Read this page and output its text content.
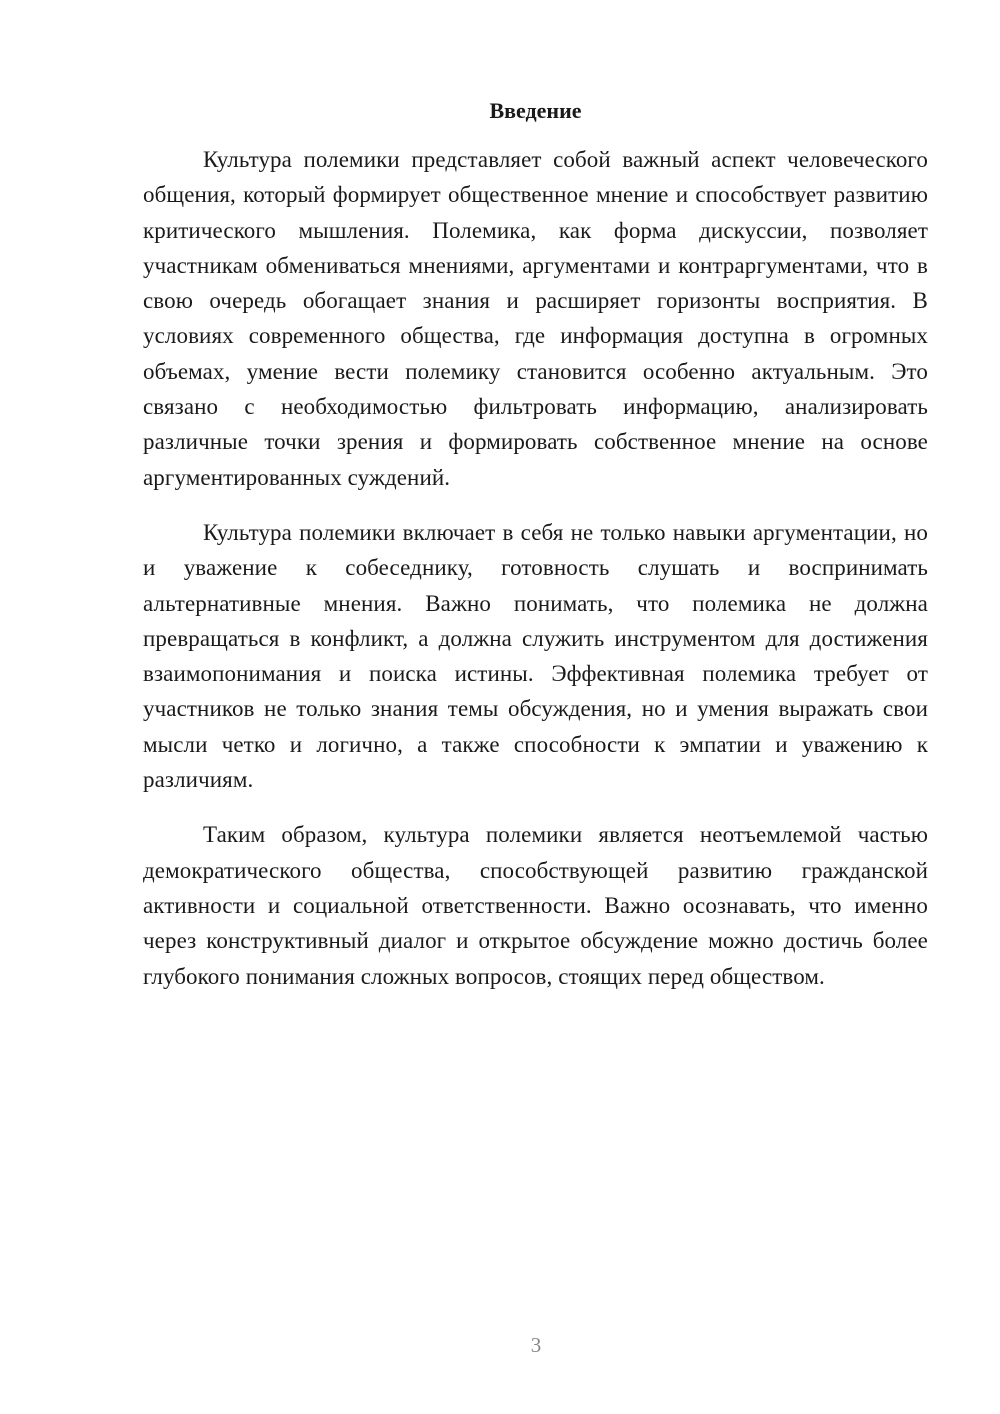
Введение

Культура полемики представляет собой важный аспект человеческого общения, который формирует общественное мнение и способствует развитию критического мышления. Полемика, как форма дискуссии, позволяет участникам обмениваться мнениями, аргументами и контраргументами, что в свою очередь обогащает знания и расширяет горизонты восприятия. В условиях современного общества, где информация доступна в огромных объемах, умение вести полемику становится особенно актуальным. Это связано с необходимостью фильтровать информацию, анализировать различные точки зрения и формировать собственное мнение на основе аргументированных суждений.

Культура полемики включает в себя не только навыки аргументации, но и уважение к собеседнику, готовность слушать и воспринимать альтернативные мнения. Важно понимать, что полемика не должна превращаться в конфликт, а должна служить инструментом для достижения взаимопонимания и поиска истины. Эффективная полемика требует от участников не только знания темы обсуждения, но и умения выражать свои мысли четко и логично, а также способности к эмпатии и уважению к различиям.

Таким образом, культура полемики является неотъемлемой частью демократического общества, способствующей развитию гражданской активности и социальной ответственности. Важно осознавать, что именно через конструктивный диалог и открытое обсуждение можно достичь более глубокого понимания сложных вопросов, стоящих перед обществом.

3
